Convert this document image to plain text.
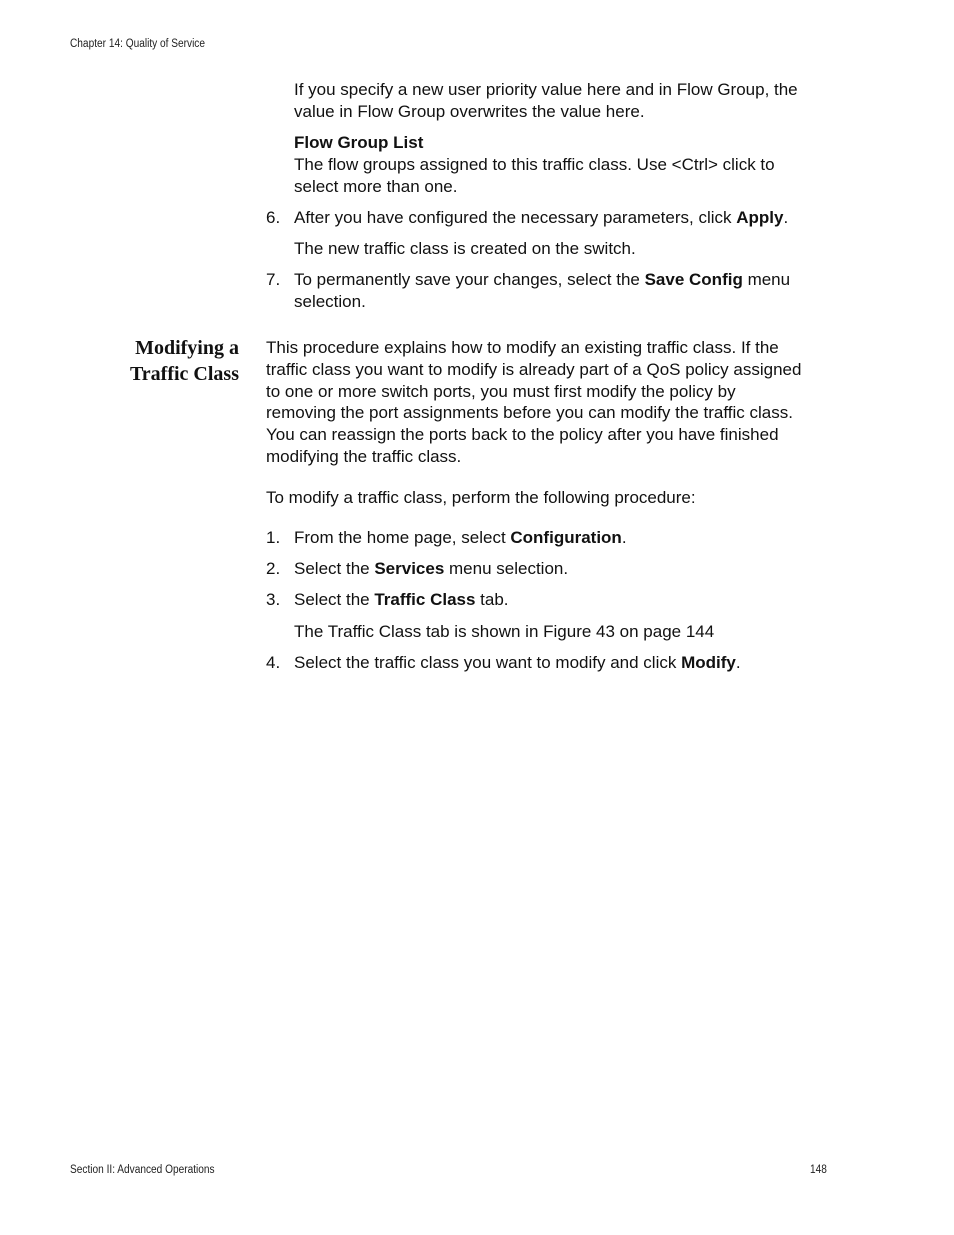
Chapter 14: Quality of Service

If you specify a new user priority value here and in Flow Group, the

value in Flow Group overwrites the value here.

Flow Group List

The flow groups assigned to this traffic class. Use <Ctrl> click to

select more than one.

6. After you have configured the necessary parameters, click Apply.

The new traffic class is created on the switch.

7. To permanently save your changes, select the Save Config menu

selection.

Modifying a
Traffic Class

This procedure explains how to modify an existing traffic class. If the

traffic class you want to modify is already part of a QoS policy assigned

to one or more switch ports, you must first modify the policy by

removing the port assignments before you can modify the traffic class.

You can reassign the ports back to the policy after you have finished

modifying the traffic class.

To modify a traffic class, perform the following procedure:

1. From the home page, select Configuration.

2. Select the Services menu selection.

3. Select the Traffic Class tab.

The Traffic Class tab is shown in Figure 43 on page 144

4. Select the traffic class you want to modify and click Modify.

Section II: Advanced Operations	148
